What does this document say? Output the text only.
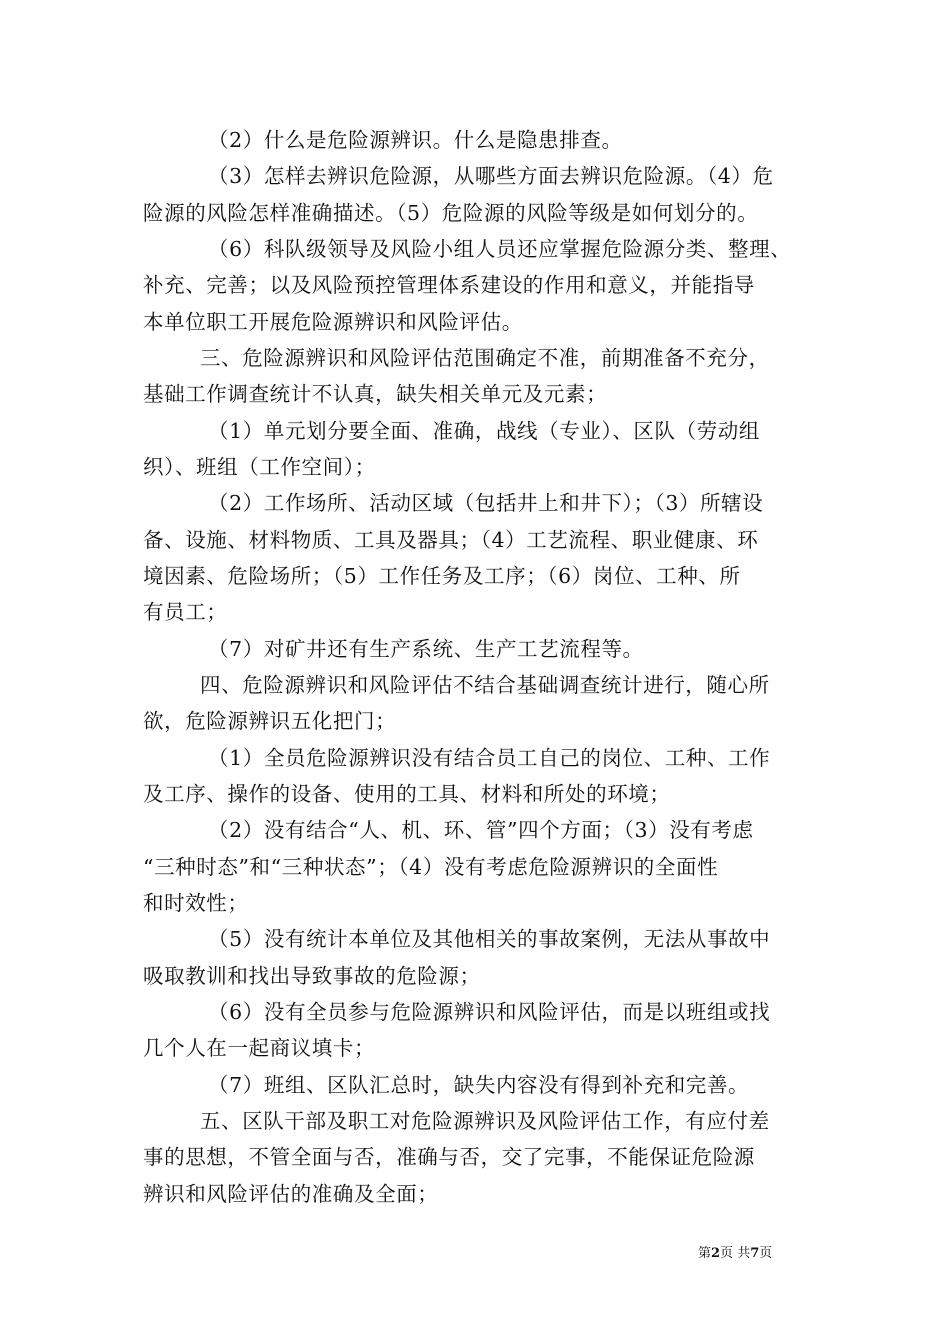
（2）什么是危险源辨识。什么是隐患排查。
（3）怎样去辨识危险源，从哪些方面去辨识危险源。（4）危
险源的风险怎样准确描述。（5）危险源的风险等级是如何划分的。
（6）科队级领导及风险小组人员还应掌握危险源分类、整理、
补充、完善；以及风险预控管理体系建设的作用和意义，并能指导
本单位职工开展危险源辨识和风险评估。
三、危险源辨识和风险评估范围确定不准，前期准备不充分，
基础工作调查统计不认真，缺失相关单元及元素；
（1）单元划分要全面、准确，战线（专业）、区队（劳动组
织）、班组（工作空间）；
（2）工作场所、活动区域（包括井上和井下）；（3）所辖设
备、设施、材料物质、工具及器具；（4）工艺流程、职业健康、环
境因素、危险场所；（5）工作任务及工序；（6）岗位、工种、所
有员工；
（7）对矿井还有生产系统、生产工艺流程等。
四、危险源辨识和风险评估不结合基础调查统计进行，随心所
欲，危险源辨识五化把门；
（1）全员危险源辨识没有结合员工自己的岗位、工种、工作
及工序、操作的设备、使用的工具、材料和所处的环境；
（2）没有结合“人、机、环、管”四个方面；（3）没有考虑
“三种时态”和“三种状态”；（4）没有考虑危险源辨识的全面性
和时效性；
（5）没有统计本单位及其他相关的事故案例，无法从事故中
吸取教训和找出导致事故的危险源；
（6）没有全员参与危险源辨识和风险评估，而是以班组或找
几个人在一起商议填卡；
（7）班组、区队汇总时，缺失内容没有得到补充和完善。
五、区队干部及职工对危险源辨识及风险评估工作，有应付差
事的思想，不管全面与否，准确与否，交了完事，不能保证危险源
辨识和风险评估的准确及全面；
第2页 共7页
